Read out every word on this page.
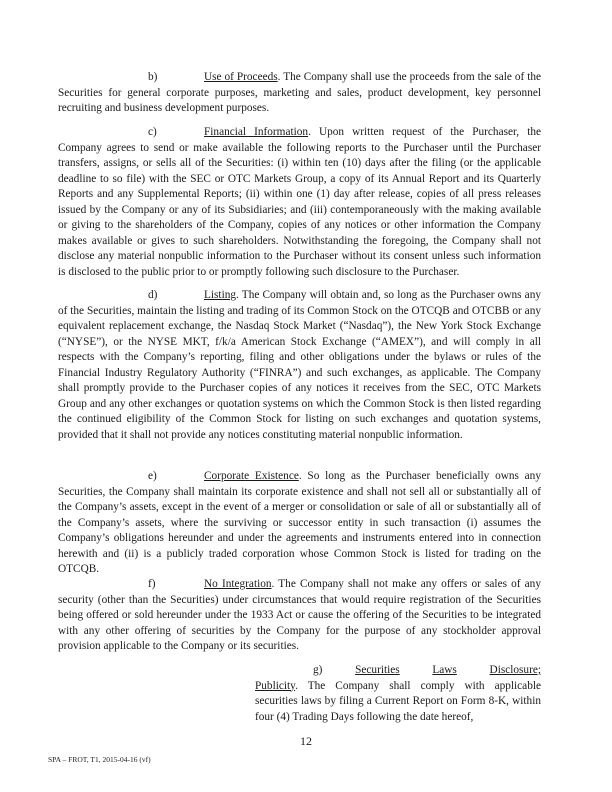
b)	Use of Proceeds. The Company shall use the proceeds from the sale of the Securities for general corporate purposes, marketing and sales, product development, key personnel recruiting and business development purposes.

c)	Financial Information. Upon written request of the Purchaser, the Company agrees to send or make available the following reports to the Purchaser until the Purchaser transfers, assigns, or sells all of the Securities: (i) within ten (10) days after the filing (or the applicable deadline to so file) with the SEC or OTC Markets Group, a copy of its Annual Report and its Quarterly Reports and any Supplemental Reports; (ii) within one (1) day after release, copies of all press releases issued by the Company or any of its Subsidiaries; and (iii) contemporaneously with the making available or giving to the shareholders of the Company, copies of any notices or other information the Company makes available or gives to such shareholders. Notwithstanding the foregoing, the Company shall not disclose any material nonpublic information to the Purchaser without its consent unless such information is disclosed to the public prior to or promptly following such disclosure to the Purchaser.

d)	Listing. The Company will obtain and, so long as the Purchaser owns any of the Securities, maintain the listing and trading of its Common Stock on the OTCQB and OTCBB or any equivalent replacement exchange, the Nasdaq Stock Market (“Nasdaq”), the New York Stock Exchange (“NYSE”), or the NYSE MKT, f/k/a American Stock Exchange (“AMEX”), and will comply in all respects with the Company’s reporting, filing and other obligations under the bylaws or rules of the Financial Industry Regulatory Authority (“FINRA”) and such exchanges, as applicable. The Company shall promptly provide to the Purchaser copies of any notices it receives from the SEC, OTC Markets Group and any other exchanges or quotation systems on which the Common Stock is then listed regarding the continued eligibility of the Common Stock for listing on such exchanges and quotation systems, provided that it shall not provide any notices constituting material nonpublic information.

e)	Corporate Existence. So long as the Purchaser beneficially owns any Securities, the Company shall maintain its corporate existence and shall not sell all or substantially all of the Company’s assets, except in the event of a merger or consolidation or sale of all or substantially all of the Company’s assets, where the surviving or successor entity in such transaction (i) assumes the Company’s obligations hereunder and under the agreements and instruments entered into in connection herewith and (ii) is a publicly traded corporation whose Common Stock is listed for trading on the OTCQB.

f)	No Integration. The Company shall not make any offers or sales of any security (other than the Securities) under circumstances that would require registration of the Securities being offered or sold hereunder under the 1933 Act or cause the offering of the Securities to be integrated with any other offering of securities by the Company for the purpose of any stockholder approval provision applicable to the Company or its securities.

g)	Securities	Laws	Disclosure;
Publicity. The Company shall comply with applicable securities laws by filing a Current Report on Form 8-K, within four (4) Trading Days following the date hereof,
12
SPA – FROT, T1, 2015-04-16 (vf)
